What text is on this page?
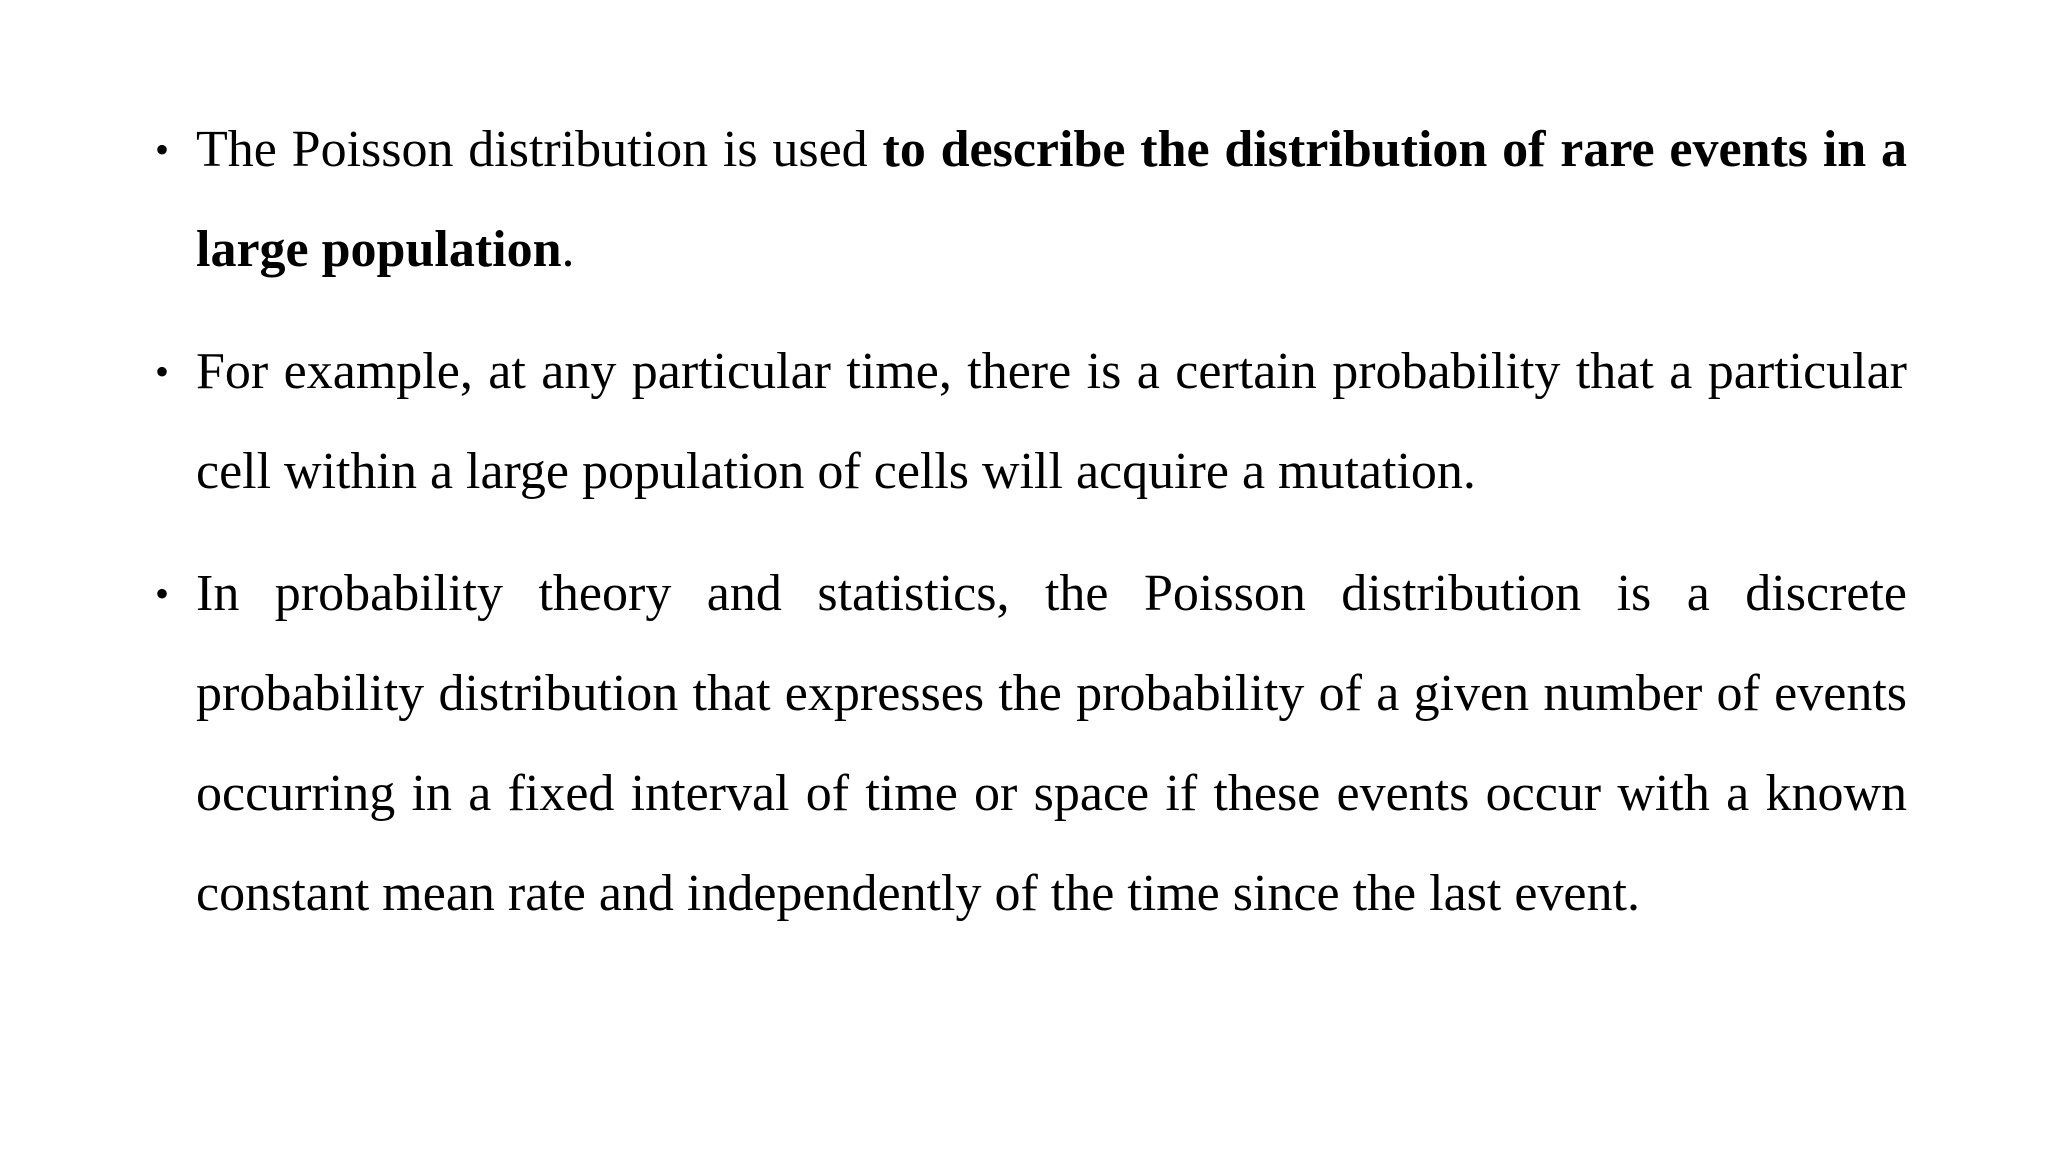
• The Poisson distribution is used to describe the distribution of rare events in a large population.
• For example, at any particular time, there is a certain probability that a particular cell within a large population of cells will acquire a mutation.
• In probability theory and statistics, the Poisson distribution is a discrete probability distribution that expresses the probability of a given number of events occurring in a fixed interval of time or space if these events occur with a known constant mean rate and independently of the time since the last event.
